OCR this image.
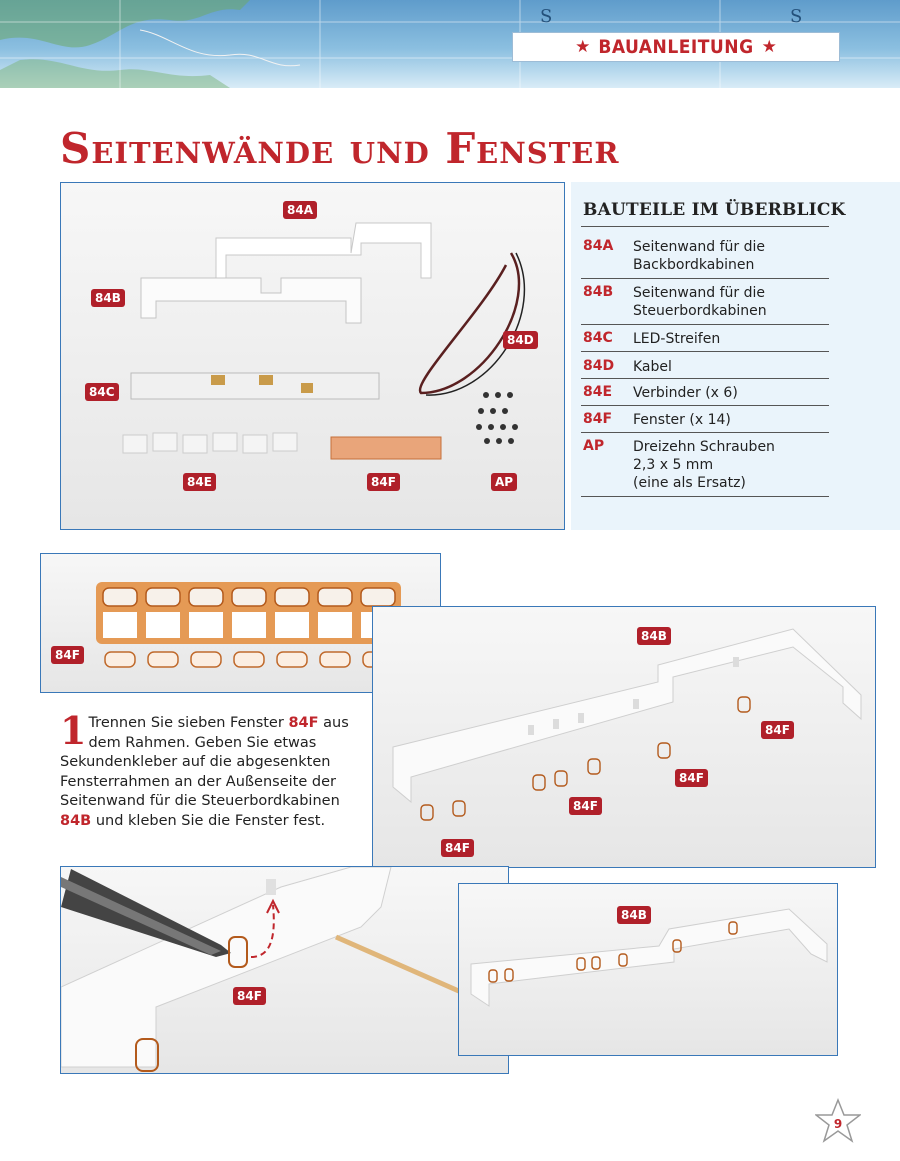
S	S
★ BAUANLEITUNG ★
Seitenwände und Fenster
84A
84B
84C
84D
84E	84F	AP
BAUTEILE IM ÜBERBLICK
84A	Seitenwand für die
Backbordkabinen
84B	Seitenwand für die
Steuerbordkabinen
84C	LED-Streifen
84D	Kabel
84E	Verbinder (x 6)
84F	Fenster (x 14)
AP	Dreizehn Schrauben
2,3 x 5 mm
(eine als Ersatz)
84F
84B
84F
84F
84F
84F
1 Trennen Sie sieben Fenster 84F aus dem Rahmen. Geben Sie etwas Sekundenkleber auf die abgesenkten Fensterrahmen an der Außenseite der Seitenwand für die Steuerbordkabinen 84B und kleben Sie die Fenster fest.
84F
84B
9
